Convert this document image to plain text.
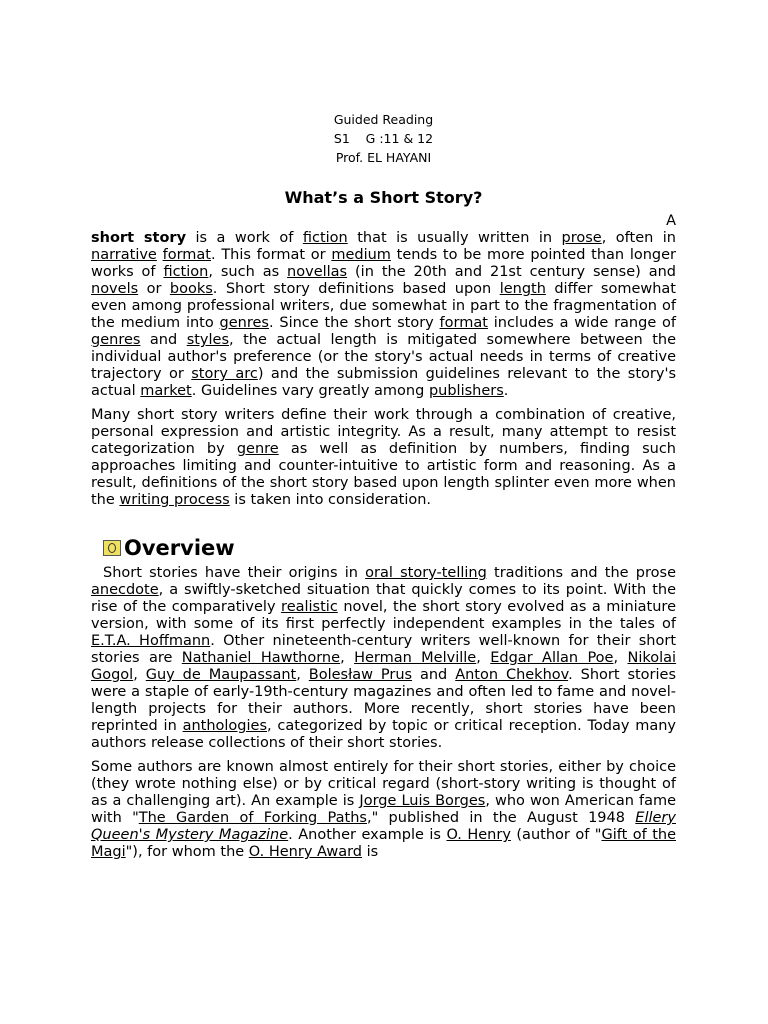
Guided Reading
S1    G :11 & 12
Prof. EL HAYANI
What’s a Short Story?
A

short story is a work of fiction that is usually written in prose, often in narrative format. This format or medium tends to be more pointed than longer works of fiction, such as novellas (in the 20th and 21st century sense) and novels or books. Short story definitions based upon length differ somewhat even among professional writers, due somewhat in part to the fragmentation of the medium into genres. Since the short story format includes a wide range of genres and styles, the actual length is mitigated somewhere between the individual author's preference (or the story's actual needs in terms of creative trajectory or story arc) and the submission guidelines relevant to the story's actual market. Guidelines vary greatly among publishers.

Many short story writers define their work through a combination of creative, personal expression and artistic integrity. As a result, many attempt to resist categorization by genre as well as definition by numbers, finding such approaches limiting and counter-intuitive to artistic form and reasoning. As a result, definitions of the short story based upon length splinter even more when the writing process is taken into consideration.

Overview

Short stories have their origins in oral story-telling traditions and the prose anecdote, a swiftly-sketched situation that quickly comes to its point. With the rise of the comparatively realistic novel, the short story evolved as a miniature version, with some of its first perfectly independent examples in the tales of E.T.A. Hoffmann. Other nineteenth-century writers well-known for their short stories are Nathaniel Hawthorne, Herman Melville, Edgar Allan Poe, Nikolai Gogol, Guy de Maupassant, Bolesław Prus and Anton Chekhov. Short stories were a staple of early-19th-century magazines and often led to fame and novel-length projects for their authors. More recently, short stories have been reprinted in anthologies, categorized by topic or critical reception. Today many authors release collections of their short stories.

Some authors are known almost entirely for their short stories, either by choice (they wrote nothing else) or by critical regard (short-story writing is thought of as a challenging art). An example is Jorge Luis Borges, who won American fame with "The Garden of Forking Paths," published in the August 1948 Ellery Queen's Mystery Magazine. Another example is O. Henry (author of "Gift of the Magi"), for whom the O. Henry Award is
